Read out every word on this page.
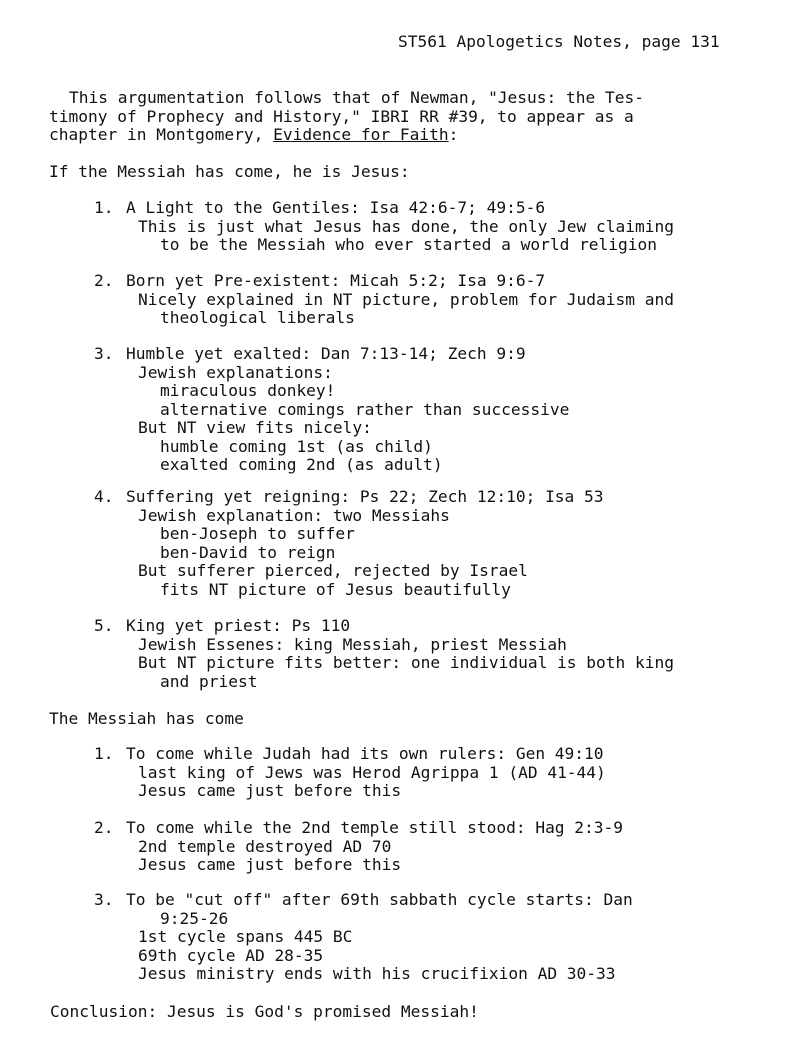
ST561 Apologetics Notes, page 131
This argumentation follows that of Newman, "Jesus: the Tes-
timony of Prophecy and History," IBRI RR #39, to appear as a
chapter in Montgomery, Evidence for Faith:
If the Messiah has come, he is Jesus:
1. A Light to the Gentiles: Isa 42:6-7; 49:5-6
This is just what Jesus has done, the only Jew claiming
to be the Messiah who ever started a world religion
2. Born yet Pre-existent: Micah 5:2; Isa 9:6-7
Nicely explained in NT picture, problem for Judaism and
theological liberals
3. Humble yet exalted: Dan 7:13-14; Zech 9:9
Jewish explanations:
miraculous donkey!
alternative comings rather than successive
But NT view fits nicely:
humble coming 1st (as child)
exalted coming 2nd (as adult)
4. Suffering yet reigning: Ps 22; Zech 12:10; Isa 53
Jewish explanation: two Messiahs
ben-Joseph to suffer
ben-David to reign
But sufferer pierced, rejected by Israel
fits NT picture of Jesus beautifully
5. King yet priest: Ps 110
Jewish Essenes: king Messiah, priest Messiah
But NT picture fits better: one individual is both king
and priest
The Messiah has come
1. To come while Judah had its own rulers: Gen 49:10
last king of Jews was Herod Agrippa 1 (AD 41-44)
Jesus came just before this
2. To come while the 2nd temple still stood: Hag 2:3-9
2nd temple destroyed AD 70
Jesus came just before this
3. To be "cut off" after 69th sabbath cycle starts: Dan
9:25-26
1st cycle spans 445 BC
69th cycle AD 28-35
Jesus ministry ends with his crucifixion AD 30-33
Conclusion: Jesus is God's promised Messiah!
